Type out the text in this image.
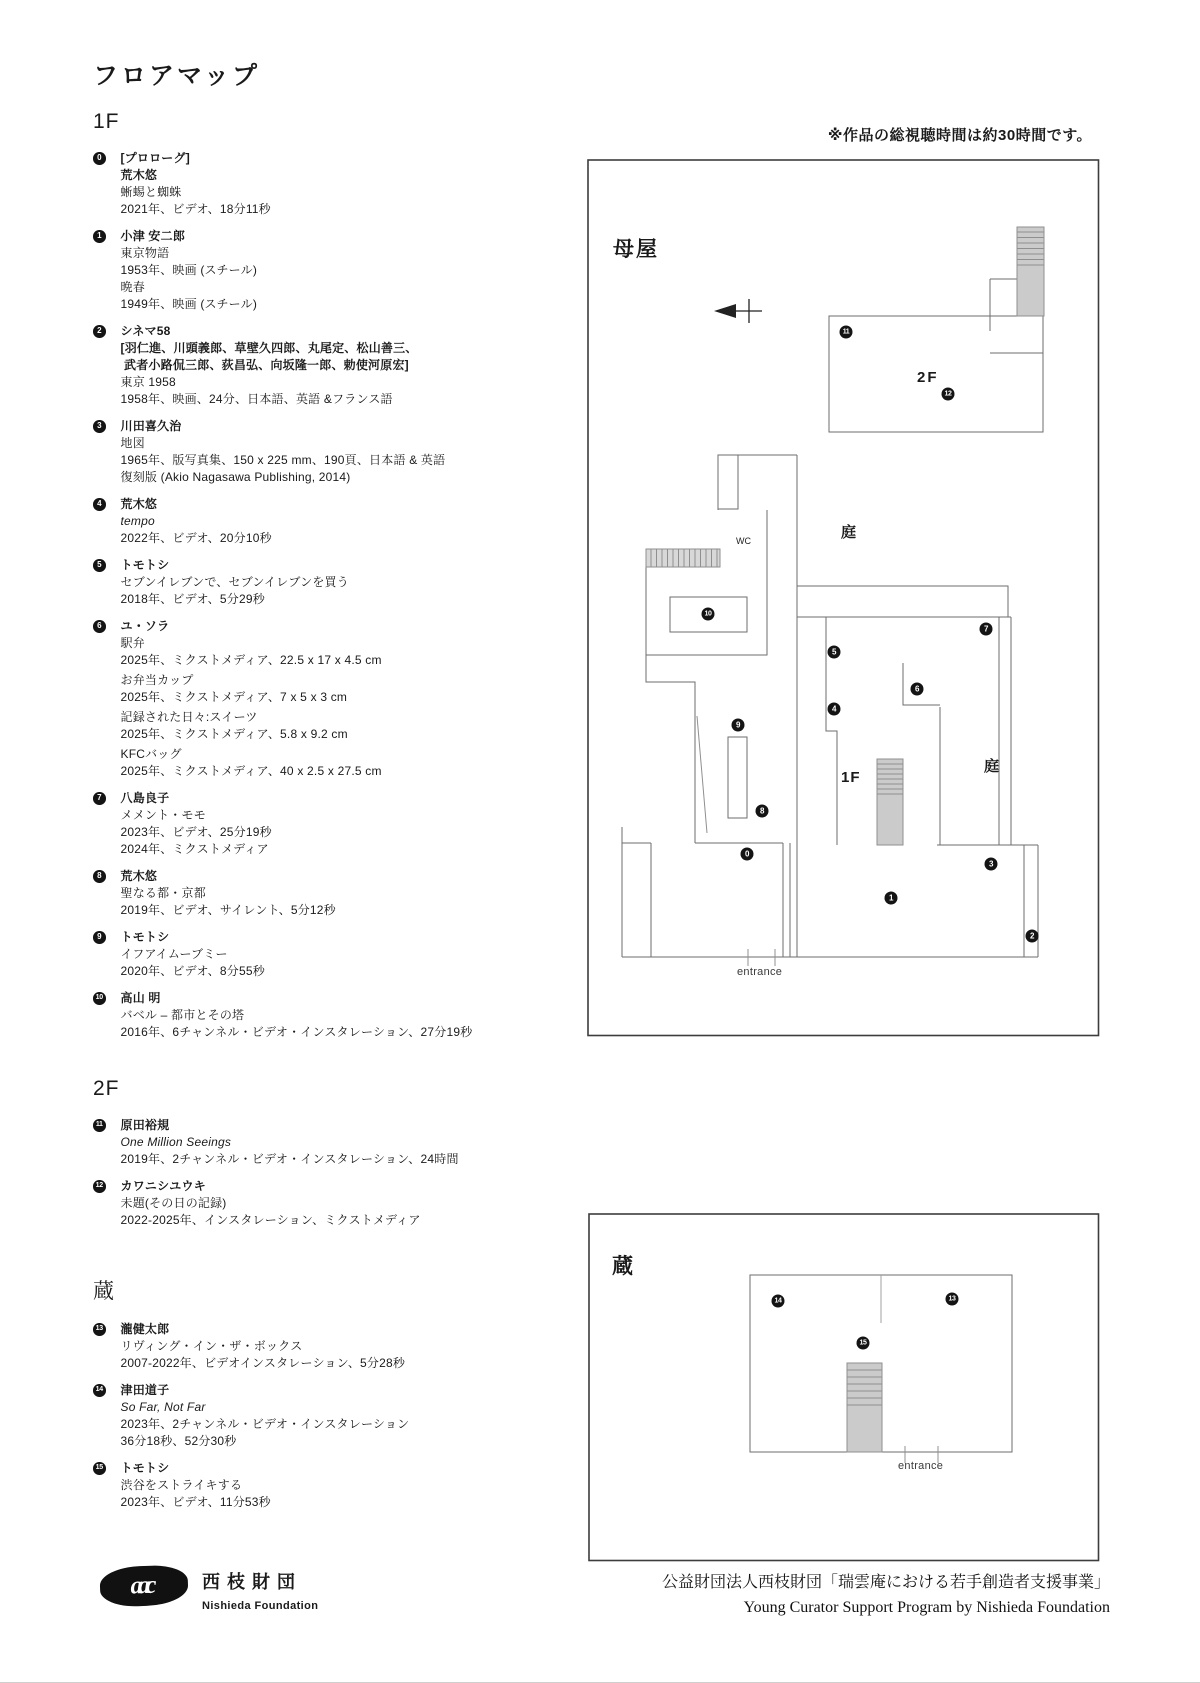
フロアマップ
1F
0	[プロローグ]
荒木悠
蜥蜴と蜘蛛
2021年、ビデオ、18分11秒
1	小津 安二郎
東京物語
1953年、映画 (スチール)
晩春
1949年、映画 (スチール)
2	シネマ58
[羽仁進、川頭義郎、草壁久四郎、丸尾定、松山善三、
武者小路侃三郎、荻昌弘、向坂隆一郎、勅使河原宏]
東京 1958
1958年、映画、24分、日本語、英語 &フランス語
3	川田喜久治
地図
1965年、版写真集、150 x 225 mm、190頁、日本語 & 英語
復刻版 (Akio Nagasawa Publishing, 2014)
4	荒木悠
tempo
2022年、ビデオ、20分10秒
5	トモトシ
セブンイレブンで、セブンイレブンを買う
2018年、ビデオ、5分29秒
6	ユ・ソラ
駅弁
2025年、ミクストメディア、22.5 x 17 x 4.5 cm
お弁当カップ
2025年、ミクストメディア、7 x 5 x 3 cm
記録された日々:スイーツ
2025年、ミクストメディア、5.8 x 9.2 cm
KFCバッグ
2025年、ミクストメディア、40 x 2.5 x 27.5 cm
7	八島良子
メメント・モモ
2023年、ビデオ、25分19秒
2024年、ミクストメディア
8	荒木悠
聖なる都・京都
2019年、ビデオ、サイレント、5分12秒
9	トモトシ
イフアイムーブミー
2020年、ビデオ、8分55秒
10 高山 明
バベル – 都市とその塔
2016年、6チャンネル・ビデオ・インスタレーション、27分19秒
2F
11 原田裕規
One Million Seeings
2019年、2チャンネル・ビデオ・インスタレーション、24時間
12 カワニシユウキ
未題(その日の記録)
2022-2025年、インスタレーション、ミクストメディア
蔵
13 瀧健太郎
リヴィング・イン・ザ・ボックス
2007-2022年、ビデオインスタレーション、5分28秒
14 津田道子
So Far, Not Far
2023年、2チャンネル・ビデオ・インスタレーション
36分18秒、52分30秒
15 トモトシ
渋谷をストライキする
2023年、ビデオ、11分53秒
※作品の総視聴時間は約30時間です。
母屋
WC	庭
庭
1F
2F
entrance
0
1
2
3
4
5
6
7
8
9
10
11
12
蔵
entrance
13
14
15
aac	西枝財団
Nishieda Foundation
公益財団法人西枝財団「瑞雲庵における若手創造者支援事業」
Young Curator Support Program by Nishieda Foundation
